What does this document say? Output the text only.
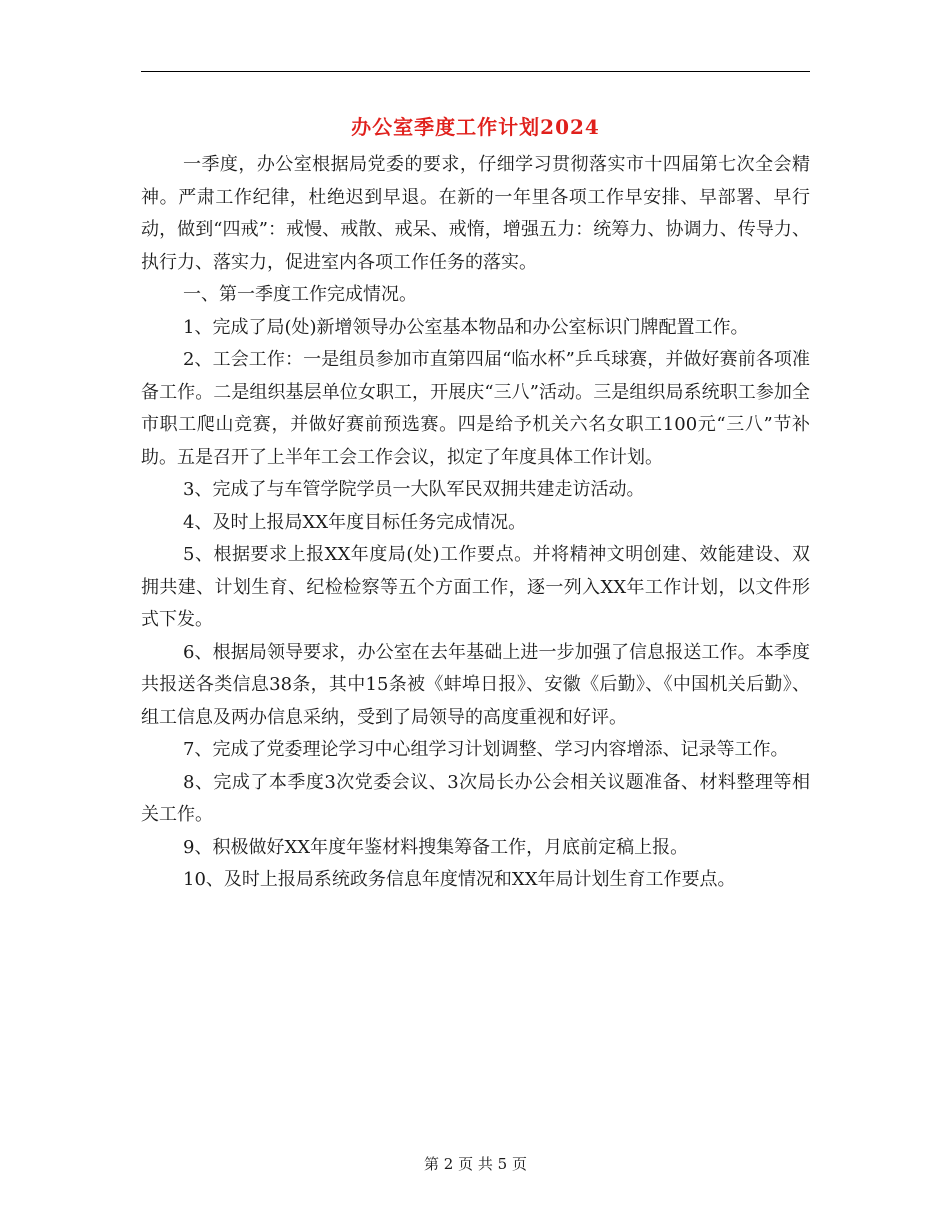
办公室季度工作计划2024

一季度，办公室根据局党委的要求，仔细学习贯彻落实市十四届第七次全会精神。严肃工作纪律，杜绝迟到早退。在新的一年里各项工作早安排、早部署、早行动，做到“四戒”：戒慢、戒散、戒呆、戒惰，增强五力：统筹力、协调力、传导力、执行力、落实力，促进室内各项工作任务的落实。

一、第一季度工作完成情况。

1、完成了局(处)新增领导办公室基本物品和办公室标识门牌配置工作。

2、工会工作：一是组员参加市直第四届“临水杯”乒乓球赛，并做好赛前各项准备工作。二是组织基层单位女职工，开展庆“三八”活动。三是组织局系统职工参加全市职工爬山竞赛，并做好赛前预选赛。四是给予机关六名女职工100元“三八”节补助。五是召开了上半年工会工作会议，拟定了年度具体工作计划。

3、完成了与车管学院学员一大队军民双拥共建走访活动。

4、及时上报局XX年度目标任务完成情况。

5、根据要求上报XX年度局(处)工作要点。并将精神文明创建、效能建设、双拥共建、计划生育、纪检检察等五个方面工作，逐一列入XX年工作计划，以文件形式下发。

6、根据局领导要求，办公室在去年基础上进一步加强了信息报送工作。本季度共报送各类信息38条，其中15条被《蚌埠日报》、安徽《后勤》、《中国机关后勤》、组工信息及两办信息采纳，受到了局领导的高度重视和好评。

7、完成了党委理论学习中心组学习计划调整、学习内容增添、记录等工作。

8、完成了本季度3次党委会议、3次局长办公会相关议题准备、材料整理等相关工作。

9、积极做好XX年度年鉴材料搜集筹备工作，月底前定稿上报。

10、及时上报局系统政务信息年度情况和XX年局计划生育工作要点。

第 2 页 共 5 页
